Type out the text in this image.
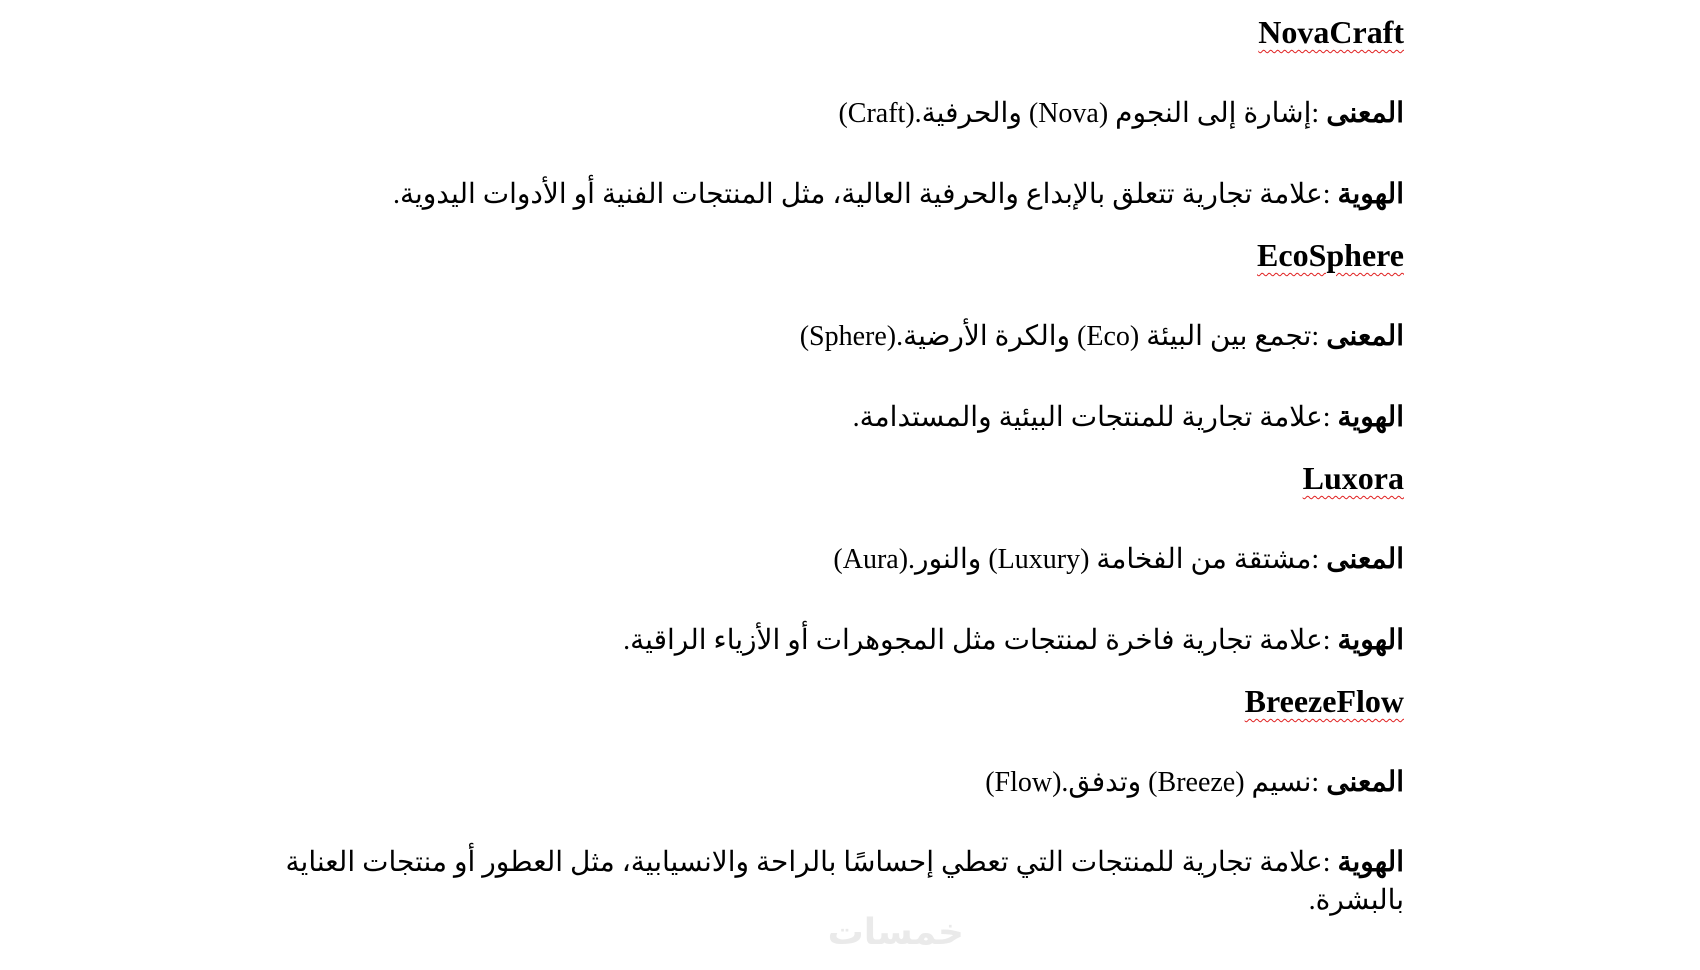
NovaCraft

المعنى :إشارة إلى النجوم (Nova) والحرفية.(Craft)

الهوية :علامة تجارية تتعلق بالإبداع والحرفية العالية، مثل المنتجات الفنية أو الأدوات اليدوية.

EcoSphere

المعنى :تجمع بين البيئة (Eco) والكرة الأرضية.(Sphere)

الهوية :علامة تجارية للمنتجات البيئية والمستدامة.

Luxora

المعنى :مشتقة من الفخامة (Luxury) والنور.(Aura)

الهوية :علامة تجارية فاخرة لمنتجات مثل المجوهرات أو الأزياء الراقية.

BreezeFlow

المعنى :نسيم (Breeze) وتدفق.(Flow)

الهوية :علامة تجارية للمنتجات التي تعطي إحساسًا بالراحة والانسيابية، مثل العطور أو منتجات العناية بالبشرة.

خمسات
